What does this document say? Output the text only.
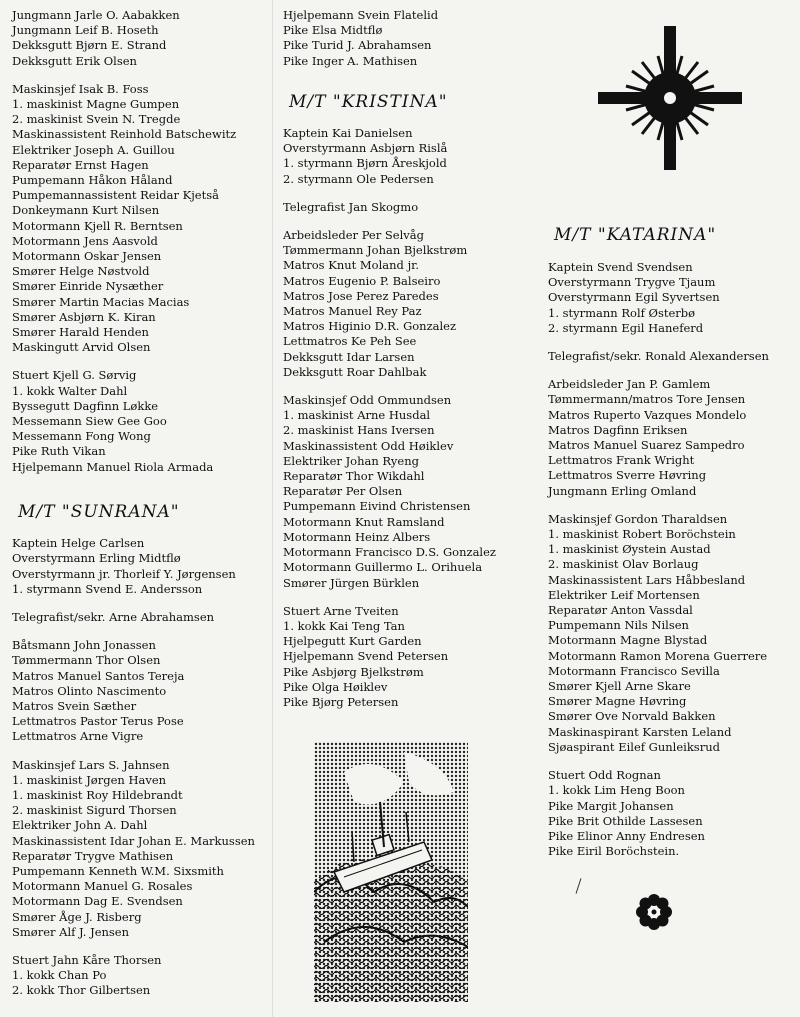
Jungmann Jarle O. Aabakken
Jungmann Leif B. Hoseth
Dekksgutt Bjørn E. Strand
Dekksgutt Erik Olsen
Maskinsjef Isak B. Foss
1. maskinist Magne Gumpen
2. maskinist Svein N. Tregde
Maskinassistent Reinhold Batschewitz
Elektriker Joseph A. Guillou
Reparatør Ernst Hagen
Pumpemann Håkon Håland
Pumpemannassistent Reidar Kjetså
Donkeymann Kurt Nilsen
Motormann Kjell R. Berntsen
Motormann Jens Aasvold
Motormann Oskar Jensen
Smører Helge Nøstvold
Smører Einride Nysæther
Smører Martin Macias Macias
Smører Asbjørn K. Kiran
Smører Harald Henden
Maskingutt Arvid Olsen
Stuert Kjell G. Sørvig
1. kokk Walter Dahl
Byssegutt Dagfinn Løkke
Messemann Siew Gee Goo
Messemann Fong Wong
Pike Ruth Vikan
Hjelpemann Manuel Riola Armada
M/T "SUNRANA"
Kaptein Helge Carlsen
Overstyrmann Erling Midtflø
Overstyrmann jr. Thorleif Y. Jørgensen
1. styrmann Svend E. Andersson
Telegrafist/sekr. Arne Abrahamsen
Båtsmann John Jonassen
Tømmermann Thor Olsen
Matros Manuel Santos Tereja
Matros Olinto Nascimento
Matros Svein Sæther
Lettmatros Pastor Terus Pose
Lettmatros Arne Vigre
Maskinsjef Lars S. Jahnsen
1. maskinist Jørgen Haven
1. maskinist Roy Hildebrandt
2. maskinist Sigurd Thorsen
Elektriker John A. Dahl
Maskinassistent Idar Johan E. Markussen
Reparatør Trygve Mathisen
Pumpemann Kenneth W.M. Sixsmith
Motormann Manuel G. Rosales
Motormann Dag E. Svendsen
Smører Åge J. Risberg
Smører Alf J. Jensen
Stuert Jahn Kåre Thorsen
1. kokk Chan Po
2. kokk Thor Gilbertsen
Hjelpemann Svein Flatelid
Pike Elsa Midtflø
Pike Turid J. Abrahamsen
Pike Inger A. Mathisen
M/T "KRISTINA"
Kaptein Kai Danielsen
Overstyrmann Asbjørn Rislå
1. styrmann Bjørn Åreskjold
2. styrmann Ole Pedersen
Telegrafist Jan Skogmo
Arbeidsleder Per Selvåg
Tømmermann Johan Bjelkstrøm
Matros Knut Moland jr.
Matros Eugenio P. Balseiro
Matros Jose Perez Paredes
Matros Manuel Rey Paz
Matros Higinio D.R. Gonzalez
Lettmatros Ke Peh See
Dekksgutt Idar Larsen
Dekksgutt Roar Dahlbak
Maskinsjef Odd Ommundsen
1. maskinist Arne Husdal
2. maskinist Hans Iversen
Maskinassistent Odd Høiklev
Elektriker Johan Ryeng
Reparatør Thor Wikdahl
Reparatør Per Olsen
Pumpemann Eivind Christensen
Motormann Knut Ramsland
Motormann Heinz Albers
Motormann Francisco D.S. Gonzalez
Motormann Guillermo L. Orihuela
Smører Jürgen Bürklen
Stuert Arne Tveiten
1. kokk Kai Teng Tan
Hjelpegutt Kurt Garden
Hjelpemann Svend Petersen
Pike Asbjørg Bjelkstrøm
Pike Olga Høiklev
Pike Bjørg Petersen
M/T "KATARINA"
Kaptein Svend Svendsen
Overstyrmann Trygve Tjaum
Overstyrmann Egil Syvertsen
1. styrmann Rolf Østerbø
2. styrmann Egil Haneferd
Telegrafist/sekr. Ronald Alexandersen
Arbeidsleder Jan P. Gamlem
Tømmermann/matros Tore Jensen
Matros Ruperto Vazques Mondelo
Matros Dagfinn Eriksen
Matros Manuel Suarez Sampedro
Lettmatros Frank Wright
Lettmatros Sverre Høvring
Jungmann Erling Omland
Maskinsjef Gordon Tharaldsen
1. maskinist Robert Boröchstein
1. maskinist Øystein Austad
2. maskinist Olav Borlaug
Maskinassistent Lars Håbbesland
Elektriker Leif Mortensen
Reparatør Anton Vassdal
Pumpemann Nils Nilsen
Motormann Magne Blystad
Motormann Ramon Morena Guerrere
Motormann Francisco Sevilla
Smører Kjell Arne Skare
Smører Magne Høvring
Smører Ove Norvald Bakken
Maskinaspirant Karsten Leland
Sjøaspirant Eilef Gunleiksrud
Stuert Odd Rognan
1. kokk Lim Heng Boon
Pike Margit Johansen
Pike Brit Othilde Lassesen
Pike Elinor Anny Endresen
Pike Eiril Boröchstein.
